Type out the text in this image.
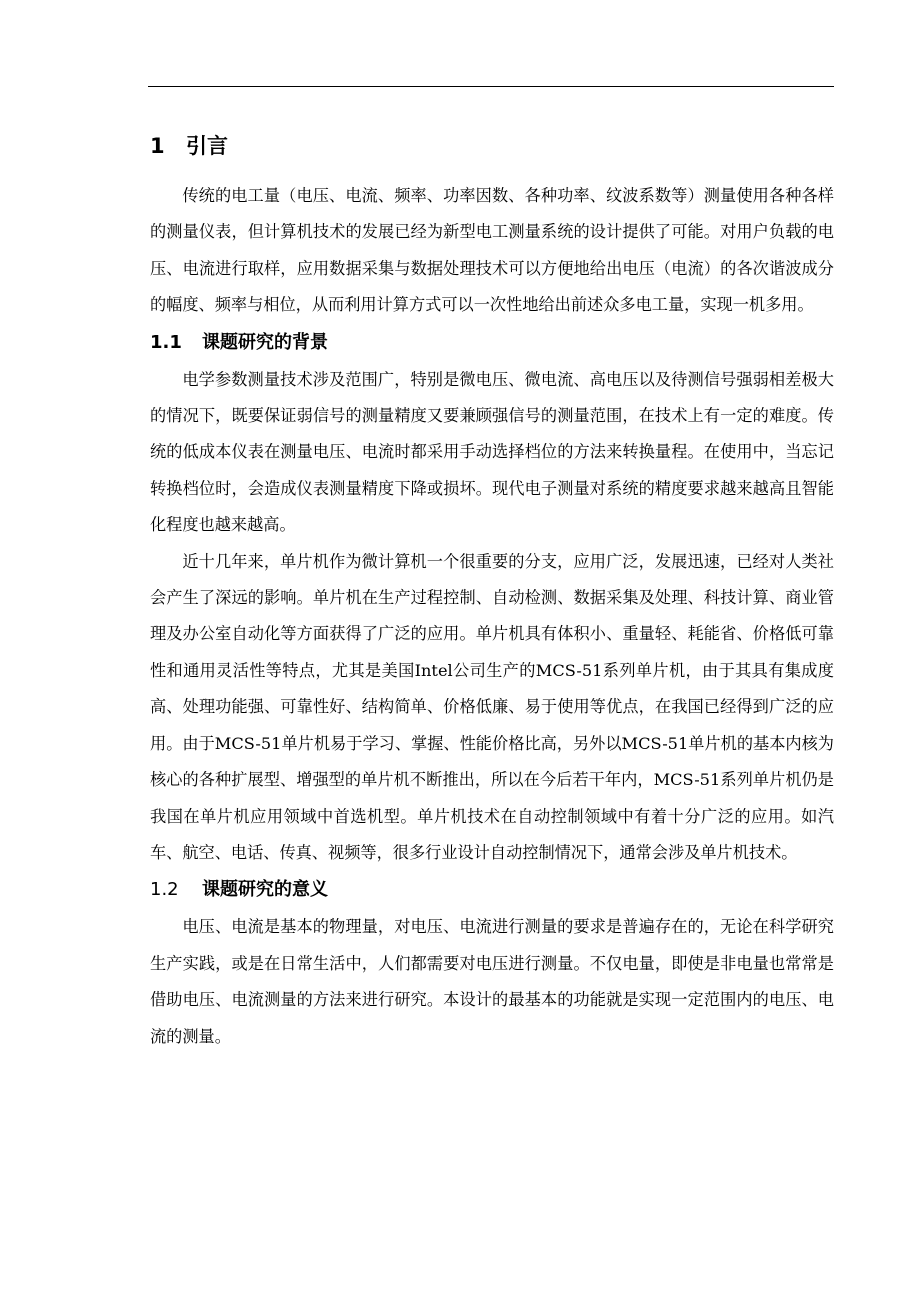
1 引言

传统的电工量（电压、电流、频率、功率因数、各种功率、纹波系数等）测量使用各种各样的测量仪表，但计算机技术的发展已经为新型电工测量系统的设计提供了可能。对用户负载的电压、电流进行取样，应用数据采集与数据处理技术可以方便地给出电压（电流）的各次谐波成分的幅度、频率与相位，从而利用计算方式可以一次性地给出前述众多电工量，实现一机多用。

1.1 课题研究的背景

电学参数测量技术涉及范围广，特别是微电压、微电流、高电压以及待测信号强弱相差极大的情况下，既要保证弱信号的测量精度又要兼顾强信号的测量范围，在技术上有一定的难度。传统的低成本仪表在测量电压、电流时都采用手动选择档位的方法来转换量程。在使用中，当忘记转换档位时，会造成仪表测量精度下降或损坏。现代电子测量对系统的精度要求越来越高且智能化程度也越来越高。

近十几年来，单片机作为微计算机一个很重要的分支，应用广泛，发展迅速，已经对人类社会产生了深远的影响。单片机在生产过程控制、自动检测、数据采集及处理、科技计算、商业管理及办公室自动化等方面获得了广泛的应用。单片机具有体积小、重量轻、耗能省、价格低可靠性和通用灵活性等特点，尤其是美国Intel公司生产的MCS-51系列单片机，由于其具有集成度高、处理功能强、可靠性好、结构简单、价格低廉、易于使用等优点，在我国已经得到广泛的应用。由于MCS-51单片机易于学习、掌握、性能价格比高，另外以MCS-51单片机的基本内核为核心的各种扩展型、增强型的单片机不断推出，所以在今后若干年内，MCS-51系列单片机仍是我国在单片机应用领域中首选机型。单片机技术在自动控制领域中有着十分广泛的应用。如汽车、航空、电话、传真、视频等，很多行业设计自动控制情况下，通常会涉及单片机技术。

1.2 课题研究的意义

电压、电流是基本的物理量，对电压、电流进行测量的要求是普遍存在的，无论在科学研究生产实践，或是在日常生活中，人们都需要对电压进行测量。不仅电量，即使是非电量也常常是借助电压、电流测量的方法来进行研究。本设计的最基本的功能就是实现一定范围内的电压、电流的测量。
